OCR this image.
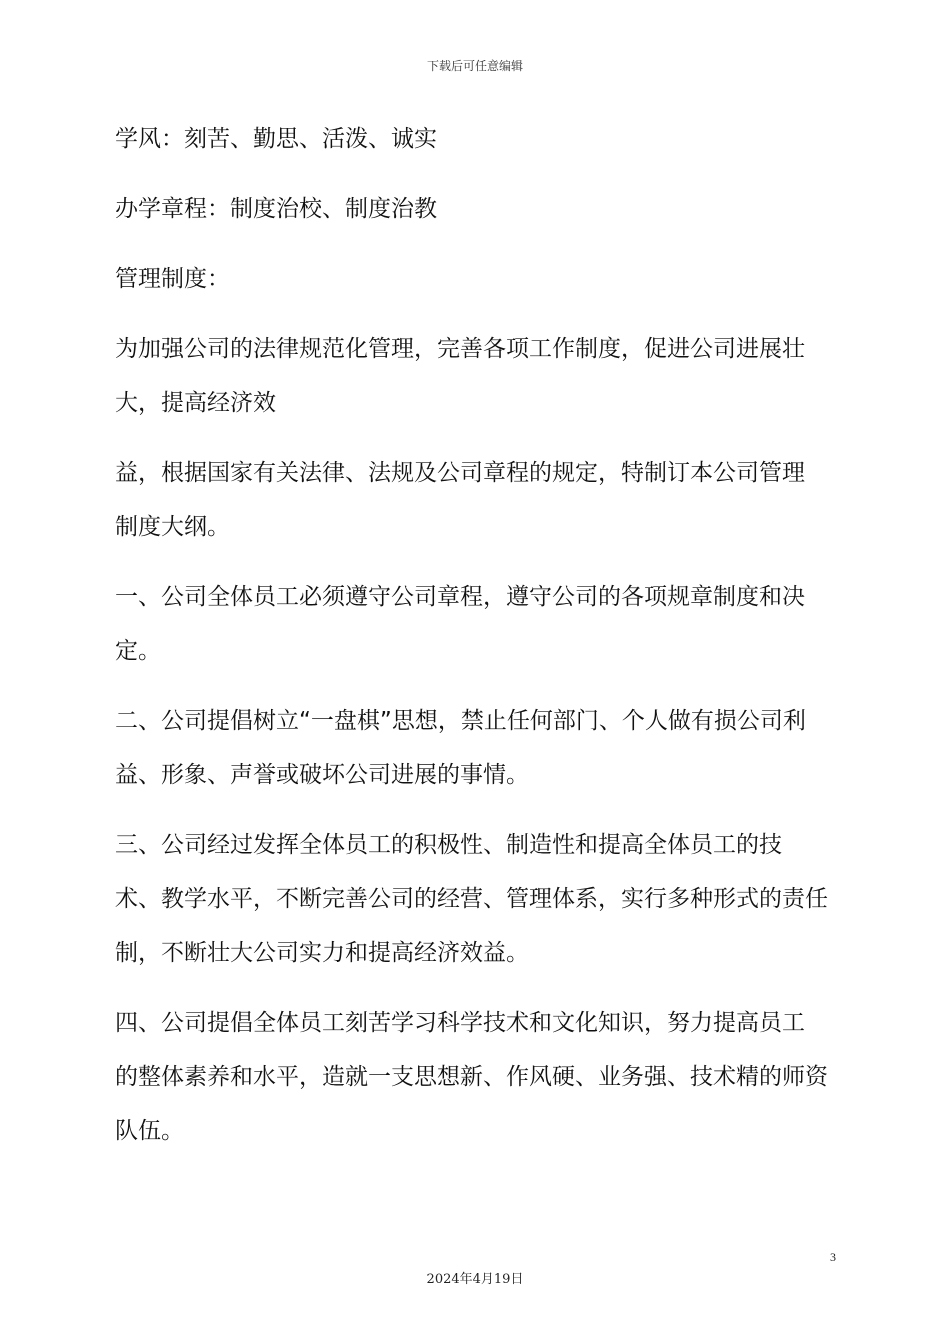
下载后可任意编辑

学风：刻苦、勤思、活泼、诚实

办学章程：制度治校、制度治教

管理制度：

为加强公司的法律规范化管理，完善各项工作制度，促进公司进展壮
大，提高经济效

益，根据国家有关法律、法规及公司章程的规定，特制订本公司管理
制度大纲。

一、公司全体员工必须遵守公司章程，遵守公司的各项规章制度和决
定。

二、公司提倡树立“一盘棋”思想，禁止任何部门、个人做有损公司利
益、形象、声誉或破坏公司进展的事情。

三、公司经过发挥全体员工的积极性、制造性和提高全体员工的技
术、教学水平，不断完善公司的经营、管理体系，实行多种形式的责任
制，不断壮大公司实力和提高经济效益。

四、公司提倡全体员工刻苦学习科学技术和文化知识，努力提高员工
的整体素养和水平，造就一支思想新、作风硬、业务强、技术精的师资
队伍。

3
2024年4月19日
